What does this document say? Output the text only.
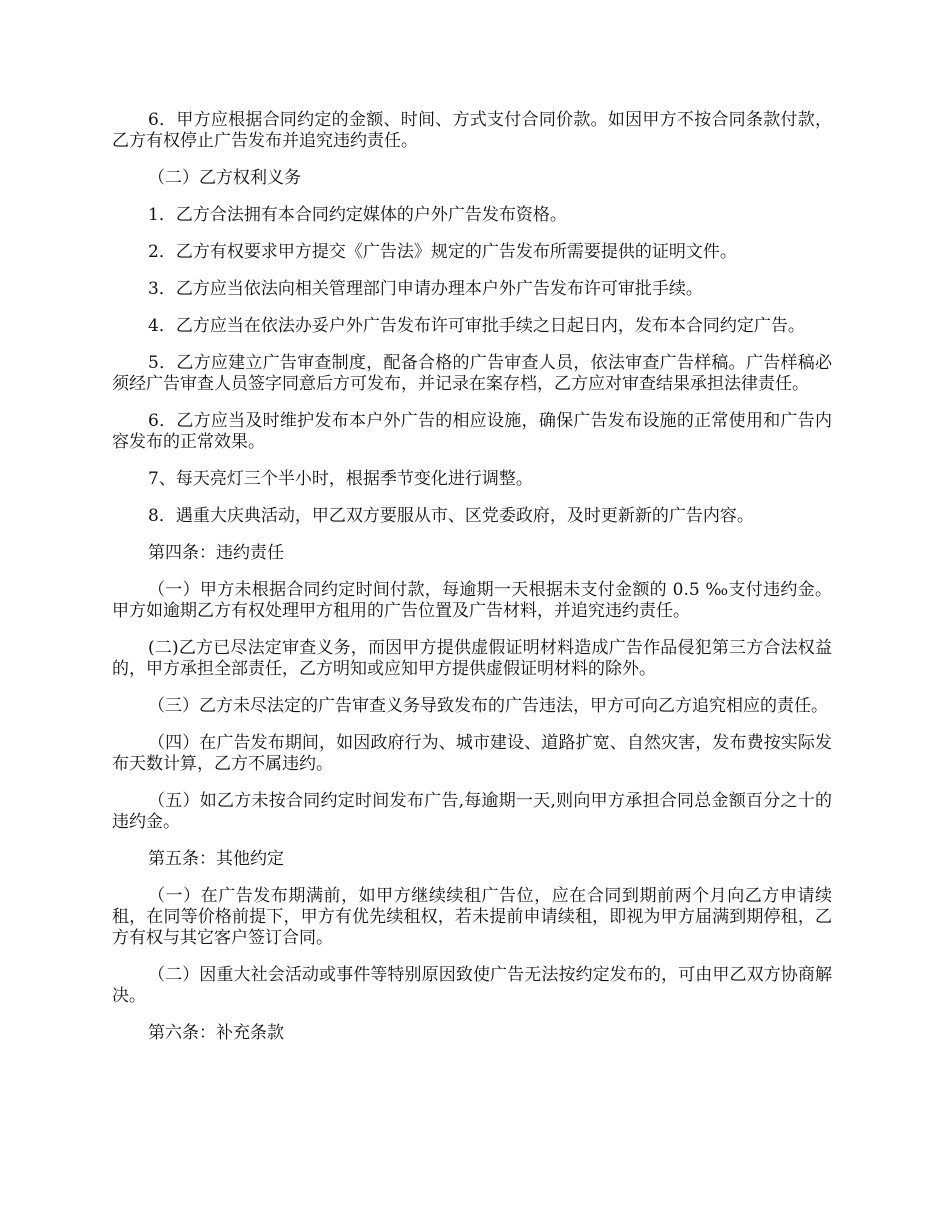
6．甲方应根据合同约定的金额、时间、方式支付合同价款。如因甲方不按合同条款付款，乙方有权停止广告发布并追究违约责任。

（二）乙方权利义务

1．乙方合法拥有本合同约定媒体的户外广告发布资格。

2．乙方有权要求甲方提交《广告法》规定的广告发布所需要提供的证明文件。

3．乙方应当依法向相关管理部门申请办理本户外广告发布许可审批手续。

4．乙方应当在依法办妥户外广告发布许可审批手续之日起日内，发布本合同约定广告。

5．乙方应建立广告审查制度，配备合格的广告审查人员，依法审查广告样稿。广告样稿必须经广告审查人员签字同意后方可发布，并记录在案存档，乙方应对审查结果承担法律责任。

6．乙方应当及时维护发布本户外广告的相应设施，确保广告发布设施的正常使用和广告内容发布的正常效果。

7、每天亮灯三个半小时，根据季节变化进行调整。

8．遇重大庆典活动，甲乙双方要服从市、区党委政府，及时更新新的广告内容。

第四条：违约责任

（一）甲方未根据合同约定时间付款，每逾期一天根据未支付金额的 0.5 ‰支付违约金。甲方如逾期乙方有权处理甲方租用的广告位置及广告材料，并追究违约责任。

(二)乙方已尽法定审查义务，而因甲方提供虚假证明材料造成广告作品侵犯第三方合法权益的，甲方承担全部责任，乙方明知或应知甲方提供虚假证明材料的除外。

（三）乙方未尽法定的广告审查义务导致发布的广告违法，甲方可向乙方追究相应的责任。

（四）在广告发布期间，如因政府行为、城市建设、道路扩宽、自然灾害，发布费按实际发布天数计算，乙方不属违约。

（五）如乙方未按合同约定时间发布广告,每逾期一天,则向甲方承担合同总金额百分之十的违约金。

第五条：其他约定

（一）在广告发布期满前，如甲方继续续租广告位，应在合同到期前两个月向乙方申请续租，在同等价格前提下，甲方有优先续租权，若未提前申请续租，即视为甲方届满到期停租，乙方有权与其它客户签订合同。

（二）因重大社会活动或事件等特别原因致使广告无法按约定发布的，可由甲乙双方协商解决。

第六条：补充条款
